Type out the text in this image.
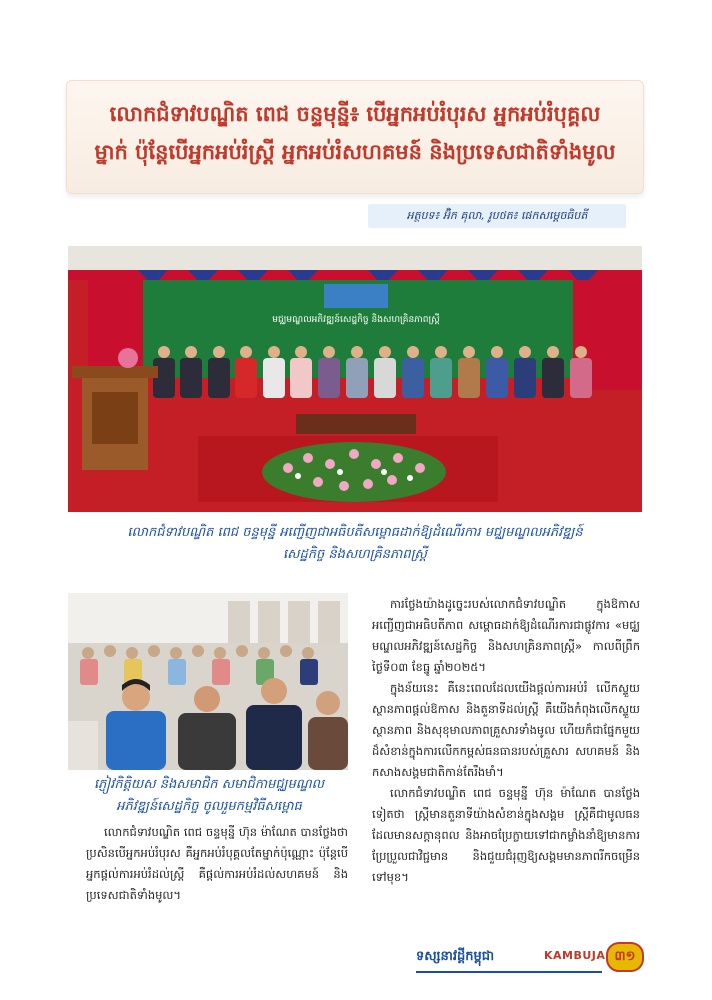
លោកជំទាវបណ្ឌិត ពេជ ចន្ទមុន្នី៖ បើអ្នកអប់រំបុរស អ្នកអប់រំបុគ្គល
ម្នាក់ ប៉ុន្តែបើអ្នកអប់រំស្ត្រី អ្នកអប់រំសហគមន៍ និងប្រទេសជាតិទាំងមូល
អត្ថបទ៖ អ៊ិក គុលា, រូបថត៖ ផេកសម្ដេចធិបតី
មជ្ឈមណ្ឌលអភិវឌ្ឍន៍សេដ្ឋកិច្ច និងសហគ្រិនភាពស្ត្រី
លោកជំទាវបណ្ឌិត ពេជ ចន្ទមុន្នី អញ្ជើញជាអធិបតីសម្ពោធដាក់ឱ្យដំណើរការ មជ្ឈមណ្ឌលអភិវឌ្ឍន៍
សេដ្ឋកិច្ច និងសហគ្រិនភាពស្ត្រី
ភ្ញៀវកិត្តិយស និងសមាជិក សមាជិកាមជ្ឈមណ្ឌល
អភិវឌ្ឍន៍សេដ្ឋកិច្ច ចូលរួមកម្មវិធីសម្ពោធ

ការថ្លែងយ៉ាងដូច្នេះរបស់លោកជំទាវបណ្ឌិត ក្នុងឱកាសអញ្ជើញជាអធិបតីភាព សម្ពោធដាក់ឱ្យដំណើរការជាផ្លូវការ «មជ្ឈមណ្ឌលអភិវឌ្ឍន៍សេដ្ឋកិច្ច និងសហគ្រិនភាពស្ត្រី» កាលពីព្រឹកថ្ងៃទី០៣ ខែធ្នូ ឆ្នាំ២០២៥។

ក្នុងន័យនេះ គឺនេះពេលដែលយើងផ្ដល់ការអប់រំ លើកស្ទួយស្ថានភាពផ្ដល់ឱកាស និងតួនាទីដល់ស្ត្រី គឺយើងកំពុងលើកស្ទួយស្ថានភាព និងសុខុមាលភាពគ្រួសារទាំងមូល ហើយក៏ជាផ្នែកមួយដ៏សំខាន់ក្នុងការលើកកម្ពស់ធនធានរបស់គ្រួសារ សហគមន៍ និងកសាងសង្គមជាតិកាន់តែរឹងមាំ។

លោកជំទាវបណ្ឌិត ពេជ ចន្ទមុន្នី ហ៊ុន ម៉ាណែត បានថ្លែងទៀតថា ស្ត្រីមានតួនាទីយ៉ាងសំខាន់ក្នុងសង្គម ស្ត្រីគឺជាមូលធនដែលមានសក្ដានុពល និងអាចប្រែក្លាយទៅជាកម្លាំងនាំឱ្យមានការប្រែប្រួលជាវិជ្ជមាន និងជួយជំរុញឱ្យសង្គមមានភាពរីកចម្រើនទៅមុខ។

លោកជំទាវបណ្ឌិត ពេជ ចន្ទមុន្នី ហ៊ុន ម៉ាណែត បានថ្លែងថា ប្រសិនបើអ្នកអប់រំបុរស គឺអ្នកអប់រំបុគ្គលតែម្នាក់ប៉ុណ្ណោះ ប៉ុន្តែបើអ្នកផ្ដល់ការអប់រំដល់ស្ត្រី គឺផ្ដល់ការអប់រំដល់សហគមន៍ និងប្រទេសជាតិទាំងមូល។

ទស្សនាវដ្ដីកម្ពុជា	KAMBUJA ៣១
